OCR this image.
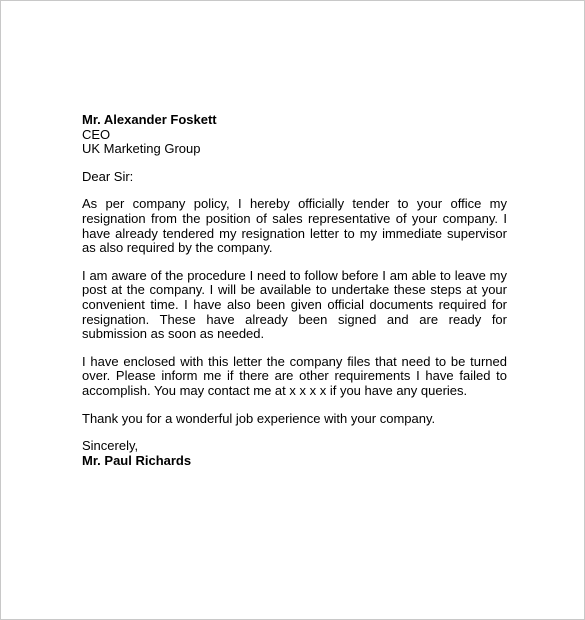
Mr. Alexander Foskett
CEO
UK Marketing Group

Dear Sir:

As per company policy, I hereby officially tender to your office my resignation from the position of sales representative of your company. I have already tendered my resignation letter to my immediate supervisor as also required by the company.

I am aware of the procedure I need to follow before I am able to leave my post at the company. I will be available to undertake these steps at your convenient time. I have also been given official documents required for resignation. These have already been signed and are ready for submission as soon as needed.

I have enclosed with this letter the company files that need to be turned over. Please inform me if there are other requirements I have failed to accomplish. You may contact me at x x x x if you have any queries.

Thank you for a wonderful job experience with your company.

Sincerely,
Mr. Paul Richards
